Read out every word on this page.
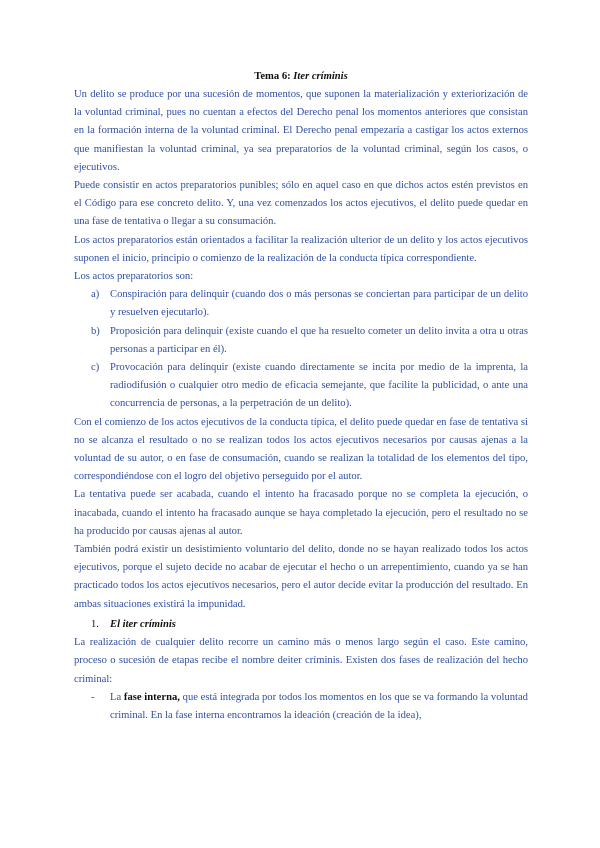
Tema 6: Iter críminis

Un delito se produce por una sucesión de momentos, que suponen la materialización y exteriorización de la voluntad criminal, pues no cuentan a efectos del Derecho penal los momentos anteriores que consistan en la formación interna de la voluntad criminal. El Derecho penal empezaría a castigar los actos externos que manifiestan la voluntad criminal, ya sea preparatorios de la voluntad criminal, según los casos, o ejecutivos.

Puede consistir en actos preparatorios punibles; sólo en aquel caso en que dichos actos estén previstos en el Código para ese concreto delito. Y, una vez comenzados los actos ejecutivos, el delito puede quedar en una fase de tentativa o llegar a su consumación.

Los actos preparatorios están orientados a facilitar la realización ulterior de un delito y los actos ejecutivos suponen el inicio, principio o comienzo de la realización de la conducta típica correspondiente.

Los actos preparatorios son:

a) Conspiración para delinquir (cuando dos o más personas se conciertan para participar de un delito y resuelven ejecutarlo).
b) Proposición para delinquir (existe cuando el que ha resuelto cometer un delito invita a otra u otras personas a participar en él).
c) Provocación para delinquir (existe cuando directamente se incita por medio de la imprenta, la radiodifusión o cualquier otro medio de eficacia semejante, que facilite la publicidad, o ante una concurrencia de personas, a la perpetración de un delito).

Con el comienzo de los actos ejecutivos de la conducta típica, el delito puede quedar en fase de tentativa si no se alcanza el resultado o no se realizan todos los actos ejecutivos necesarios por causas ajenas a la voluntad de su autor, o en fase de consumación, cuando se realizan la totalidad de los elementos del tipo, correspondiéndose con el logro del objetivo perseguido por el autor.

La tentativa puede ser acabada, cuando el intento ha fracasado porque no se completa la ejecución, o inacabada, cuando el intento ha fracasado aunque se haya completado la ejecución, pero el resultado no se ha producido por causas ajenas al autor.

También podrá existir un desistimiento voluntario del delito, donde no se hayan realizado todos los actos ejecutivos, porque el sujeto decide no acabar de ejecutar el hecho o un arrepentimiento, cuando ya se han practicado todos los actos ejecutivos necesarios, pero el autor decide evitar la producción del resultado. En ambas situaciones existirá la impunidad.

1. El iter críminis

La realización de cualquier delito recorre un camino más o menos largo según el caso. Este camino, proceso o sucesión de etapas recibe el nombre deiter críminis. Existen dos fases de realización del hecho criminal:

- La fase interna, que está integrada por todos los momentos en los que se va formando la voluntad criminal. En la fase interna encontramos la ideación (creación de la idea),
